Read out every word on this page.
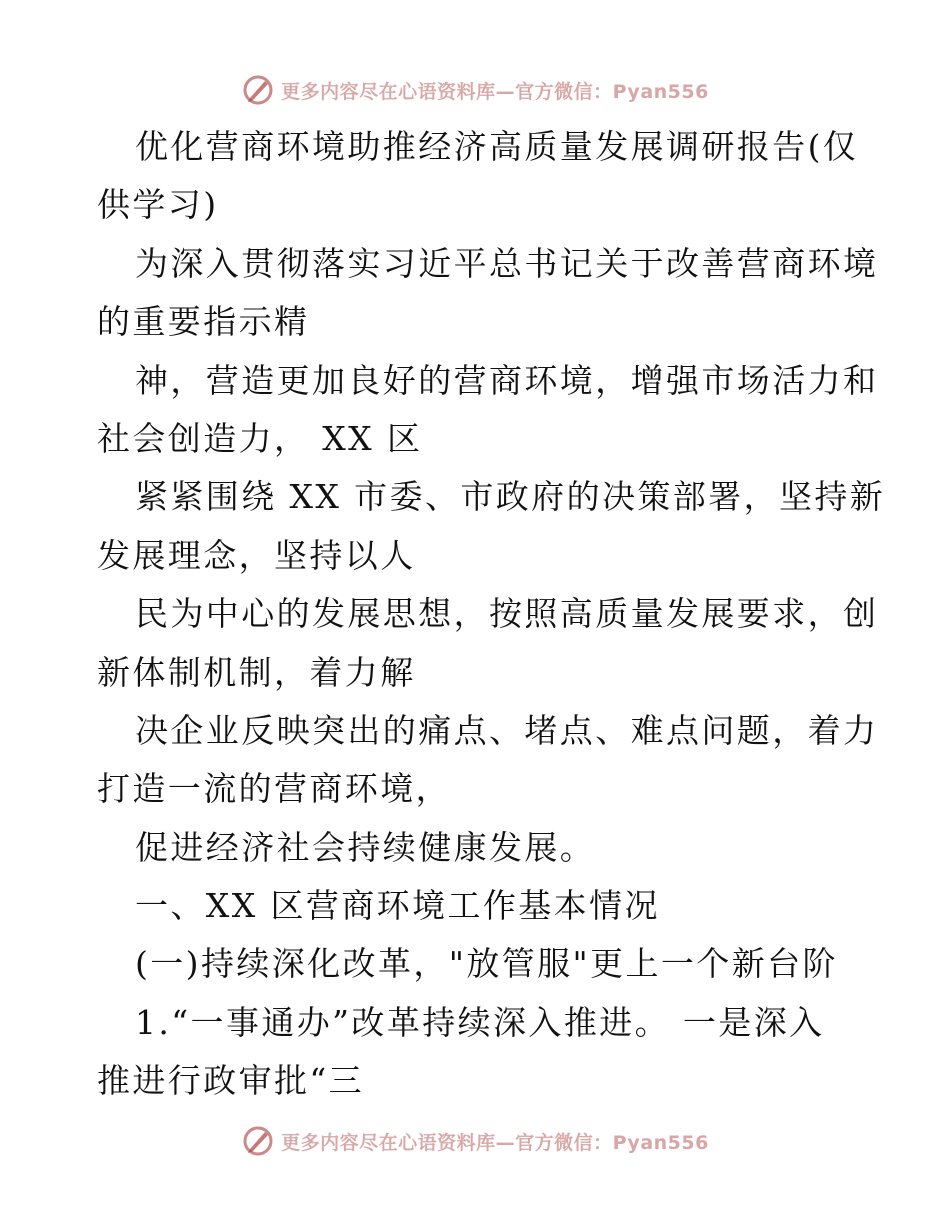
更多内容尽在心语资料库—官方微信：Pyan556
优化营商环境助推经济高质量发展调研报告(仅
供学习)
为深入贯彻落实习近平总书记关于改善营商环境
的重要指示精
神，营造更加良好的营商环境，增强市场活力和
社会创造力， XX 区
紧紧围绕 XX 市委、市政府的决策部署，坚持新
发展理念，坚持以人
民为中心的发展思想，按照高质量发展要求，创
新体制机制，着力解
决企业反映突出的痛点、堵点、难点问题，着力
打造一流的营商环境，
促进经济社会持续健康发展。
一、XX 区营商环境工作基本情况
(一)持续深化改革，"放管服"更上一个新台阶
1.“一事通办”改革持续深入推进。 一是深入
推进行政审批“三
更多内容尽在心语资料库—官方微信：Pyan556
